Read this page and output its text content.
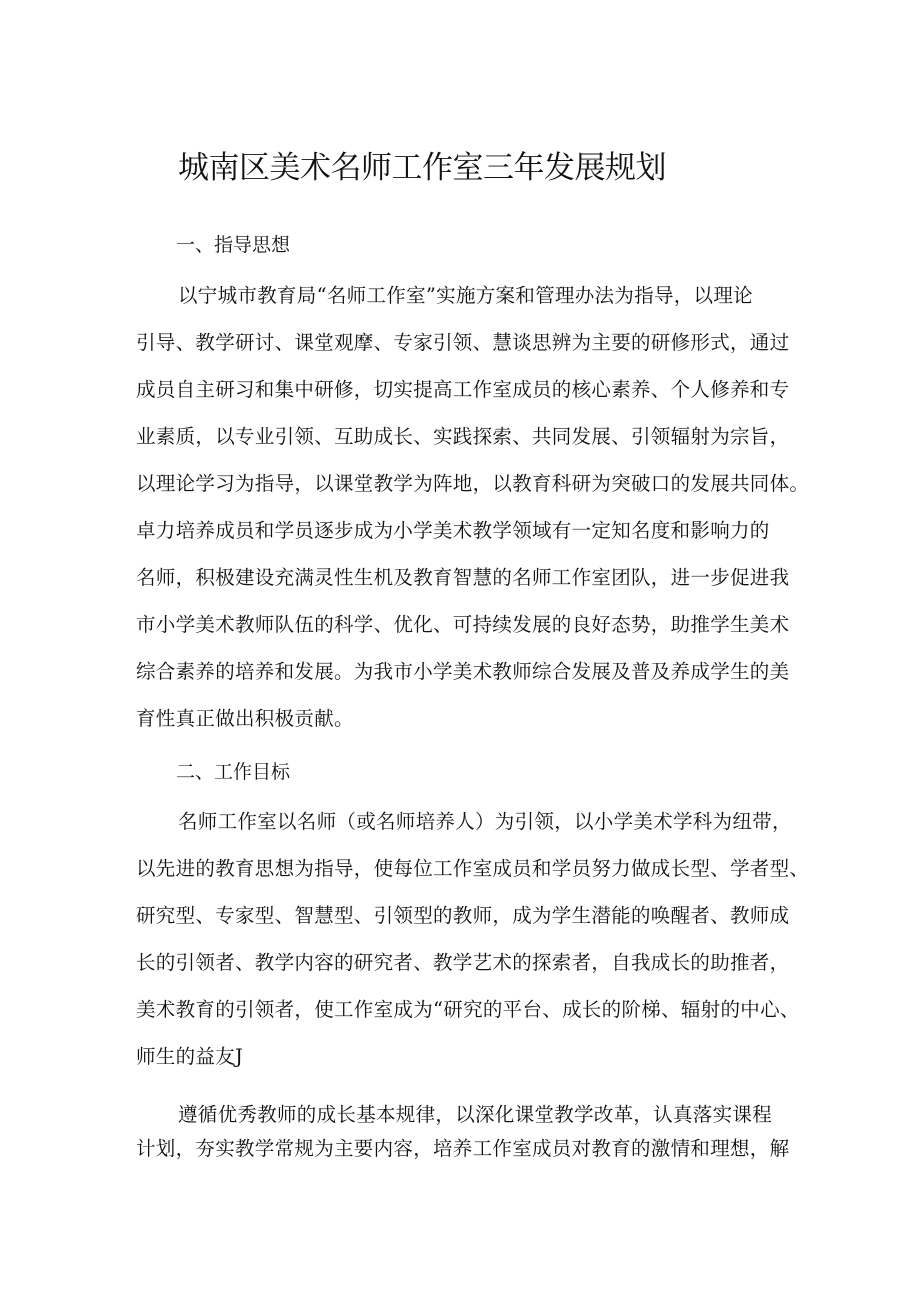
城南区美术名师工作室三年发展规划

一、指导思想

以宁城市教育局“名师工作室”实施方案和管理办法为指导，以理论

引导、教学研讨、课堂观摩、专家引领、慧谈思辨为主要的研修形式，通过

成员自主研习和集中研修，切实提高工作室成员的核心素养、个人修养和专

业素质，以专业引领、互助成长、实践探索、共同发展、引领辐射为宗旨，

以理论学习为指导，以课堂教学为阵地，以教育科研为突破口的发展共同体。

卓力培养成员和学员逐步成为小学美术教学领域有一定知名度和影响力的

名师，积极建设充满灵性生机及教育智慧的名师工作室团队，进一步促进我

市小学美术教师队伍的科学、优化、可持续发展的良好态势，助推学生美术

综合素养的培养和发展。为我市小学美术教师综合发展及普及养成学生的美

育性真正做出积极贡献。

二、工作目标

名师工作室以名师（或名师培养人）为引领，以小学美术学科为纽带，

以先进的教育思想为指导，使每位工作室成员和学员努力做成长型、学者型、

研究型、专家型、智慧型、引领型的教师，成为学生潜能的唤醒者、教师成

长的引领者、教学内容的研究者、教学艺术的探索者，自我成长的助推者，

美术教育的引领者，使工作室成为“研究的平台、成长的阶梯、辐射的中心、

师生的益友J

遵循优秀教师的成长基本规律，以深化课堂教学改革，认真落实课程

计划，夯实教学常规为主要内容，培养工作室成员对教育的激情和理想，解
